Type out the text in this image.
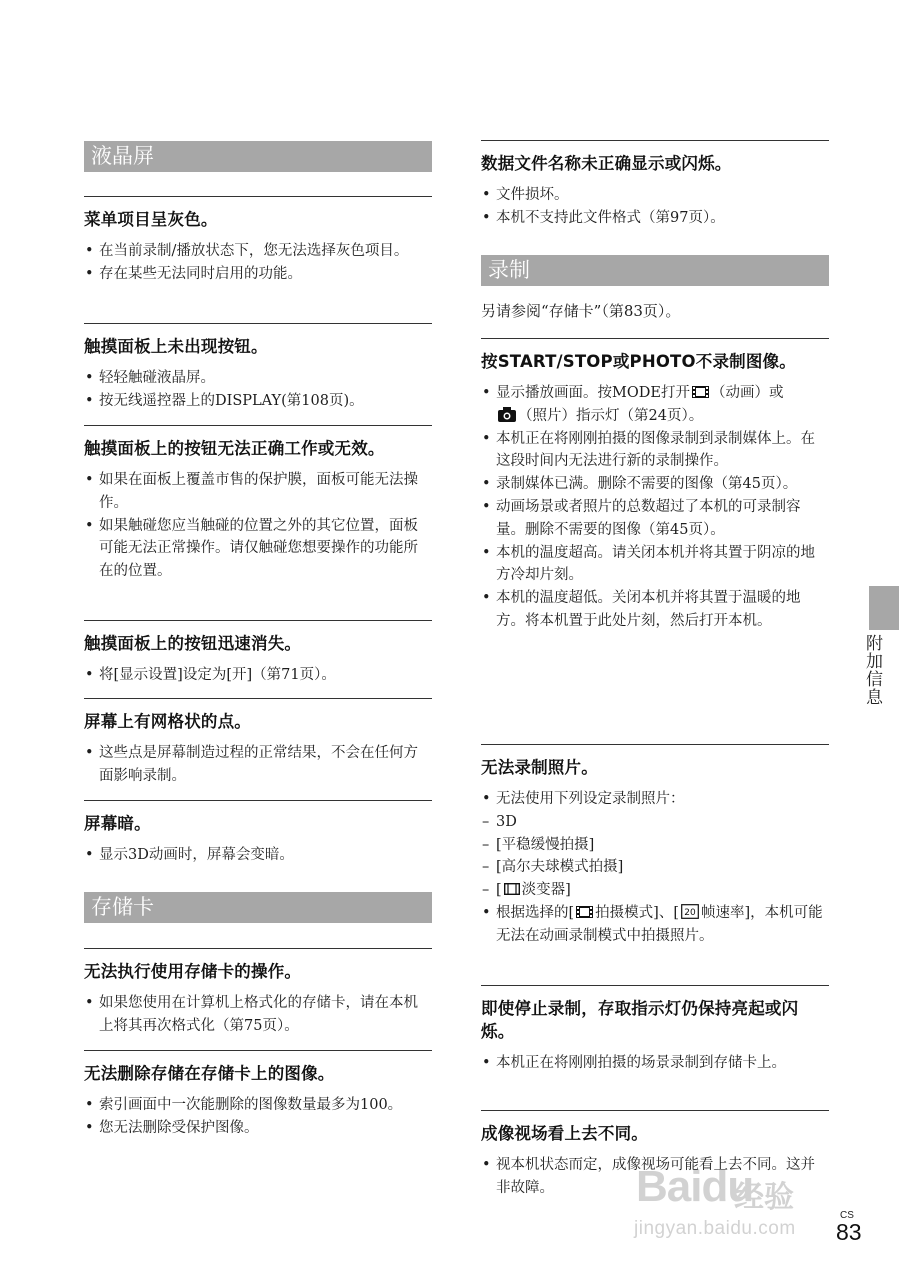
液晶屏
菜单项目呈灰色。
• 在当前录制/播放状态下，您无法选择灰色项目。
• 存在某些无法同时启用的功能。
触摸面板上未出现按钮。
• 轻轻触碰液晶屏。
• 按无线遥控器上的DISPLAY(第108页)。
触摸面板上的按钮无法正确工作或无效。
• 如果在面板上覆盖市售的保护膜，面板可能无法操作。
• 如果触碰您应当触碰的位置之外的其它位置，面板可能无法正常操作。请仅触碰您想要操作的功能所在的位置。
触摸面板上的按钮迅速消失。
• 将[显示设置]设定为[开]（第71页）。
屏幕上有网格状的点。
• 这些点是屏幕制造过程的正常结果，不会在任何方面影响录制。
屏幕暗。
• 显示3D动画时，屏幕会变暗。
存储卡
无法执行使用存储卡的操作。
• 如果您使用在计算机上格式化的存储卡，请在本机上将其再次格式化（第75页）。
无法删除存储在存储卡上的图像。
• 索引画面中一次能删除的图像数量最多为100。
• 您无法删除受保护图像。
数据文件名称未正确显示或闪烁。
• 文件损坏。
• 本机不支持此文件格式（第97页）。
录制
另请参阅“存储卡”（第83页）。
按START/STOP或PHOTO不录制图像。
• 显示播放画面。按MODE打开 （动画）或
（照片）指示灯（第24页）。
• 本机正在将刚刚拍摄的图像录制到录制媒体上。在这段时间内无法进行新的录制操作。
• 录制媒体已满。删除不需要的图像（第45页）。
• 动画场景或者照片的总数超过了本机的可录制容量。删除不需要的图像（第45页）。
• 本机的温度超高。请关闭本机并将其置于阴凉的地方冷却片刻。
• 本机的温度超低。关闭本机并将其置于温暖的地方。将本机置于此处片刻，然后打开本机。
无法录制照片。
• 无法使用下列设定录制照片：
– 3D
– [平稳缓慢拍摄]
– [高尔夫球模式拍摄]
– [ 淡变器]
• 根据选择的[ 拍摄模式]、[ 20 帧速率]，本机可能无法在动画录制模式中拍摄照片。
即使停止录制，存取指示灯仍保持亮起或闪烁。
• 本机正在将刚刚拍摄的场景录制到存储卡上。
成像视场看上去不同。
• 视本机状态而定，成像视场可能看上去不同。这并非故障。
附加信息
Baidu
经验
jingyan.baidu.com
CS
83
